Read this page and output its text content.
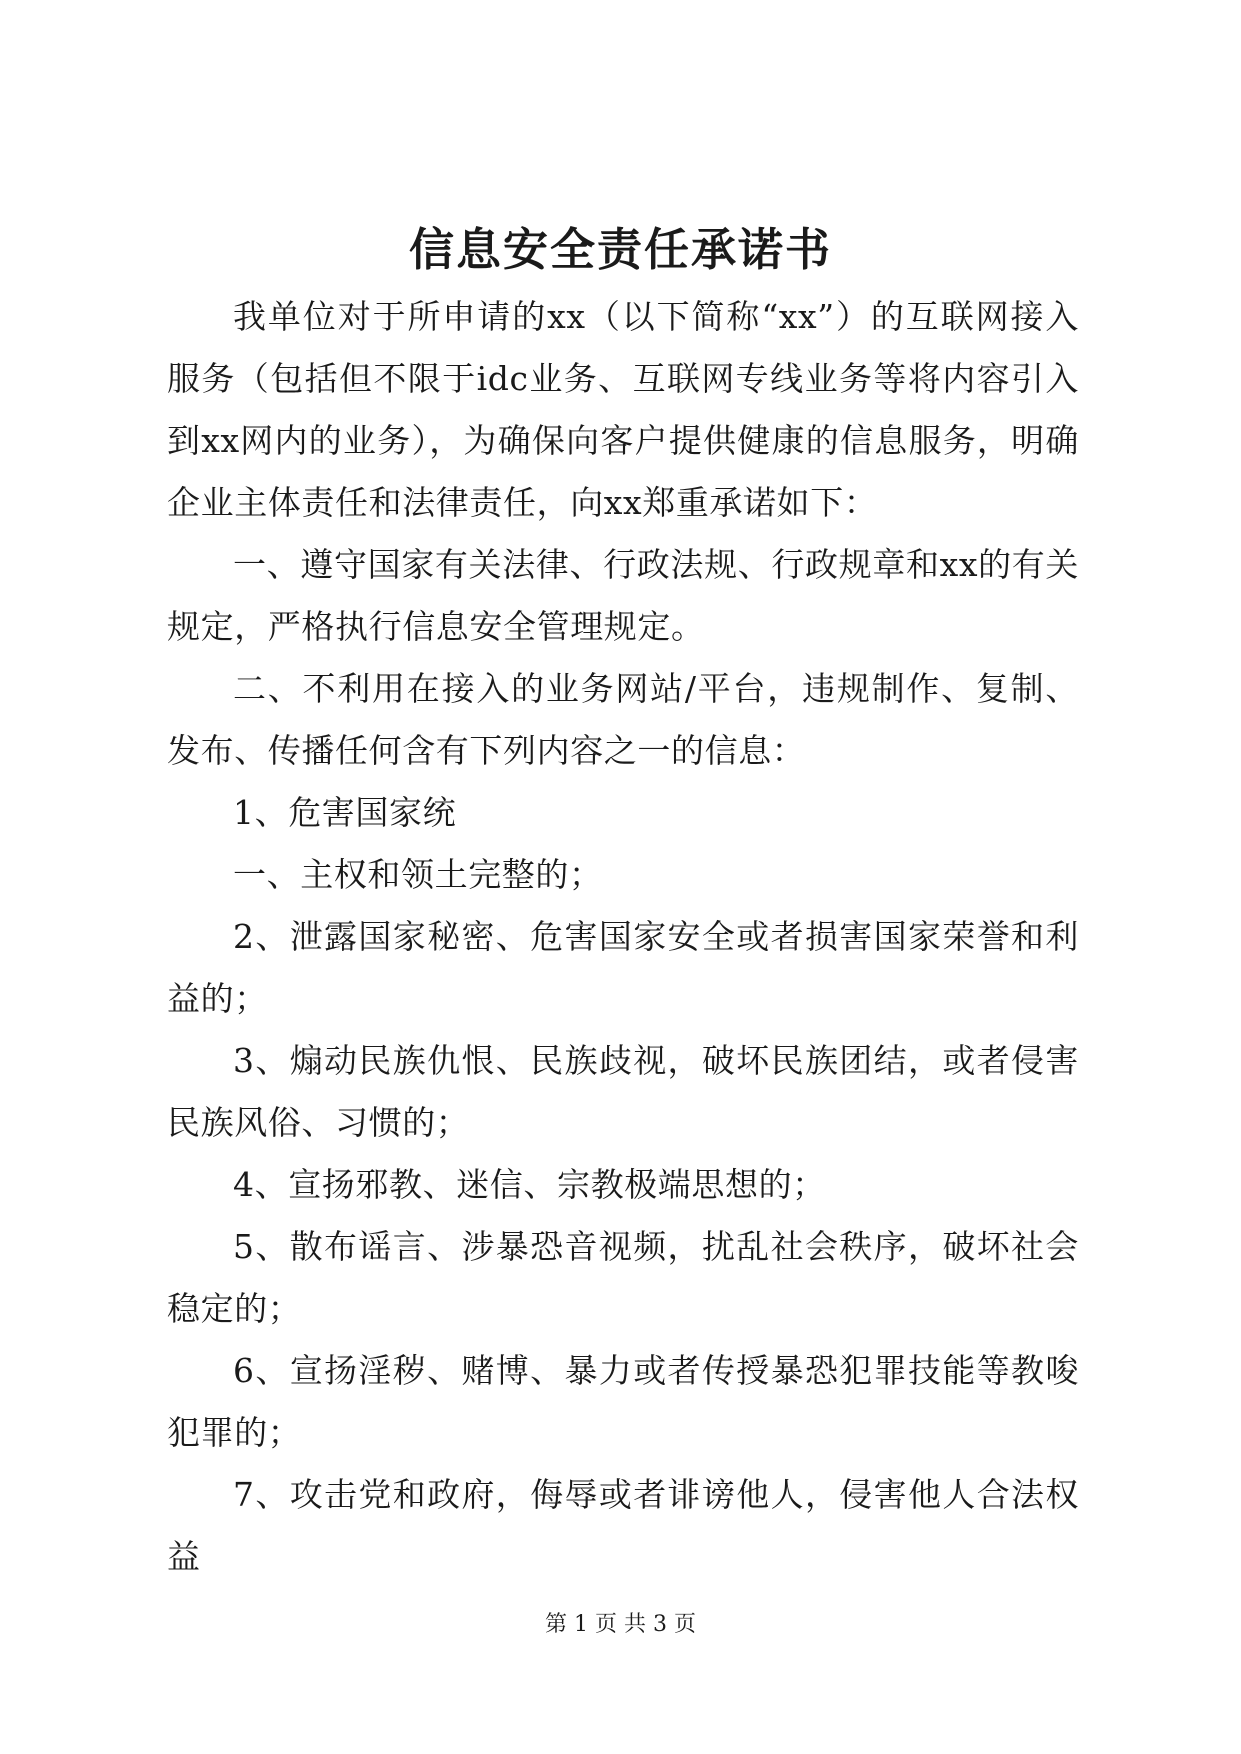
信息安全责任承诺书

我单位对于所申请的xx（以下简称“xx”）的互联网接入服务（包括但不限于idc业务、互联网专线业务等将内容引入到xx网内的业务），为确保向客户提供健康的信息服务，明确企业主体责任和法律责任，向xx郑重承诺如下：

一、遵守国家有关法律、行政法规、行政规章和xx的有关规定，严格执行信息安全管理规定。

二、不利用在接入的业务网站/平台，违规制作、复制、发布、传播任何含有下列内容之一的信息：

1、危害国家统

一、主权和领土完整的；

2、泄露国家秘密、危害国家安全或者损害国家荣誉和利益的；

3、煽动民族仇恨、民族歧视，破坏民族团结，或者侵害民族风俗、习惯的；

4、宣扬邪教、迷信、宗教极端思想的；

5、散布谣言、涉暴恐音视频，扰乱社会秩序，破坏社会稳定的；

6、宣扬淫秽、赌博、暴力或者传授暴恐犯罪技能等教唆犯罪的；

7、攻击党和政府，侮辱或者诽谤他人，侵害他人合法权益

第 1 页 共 3 页
